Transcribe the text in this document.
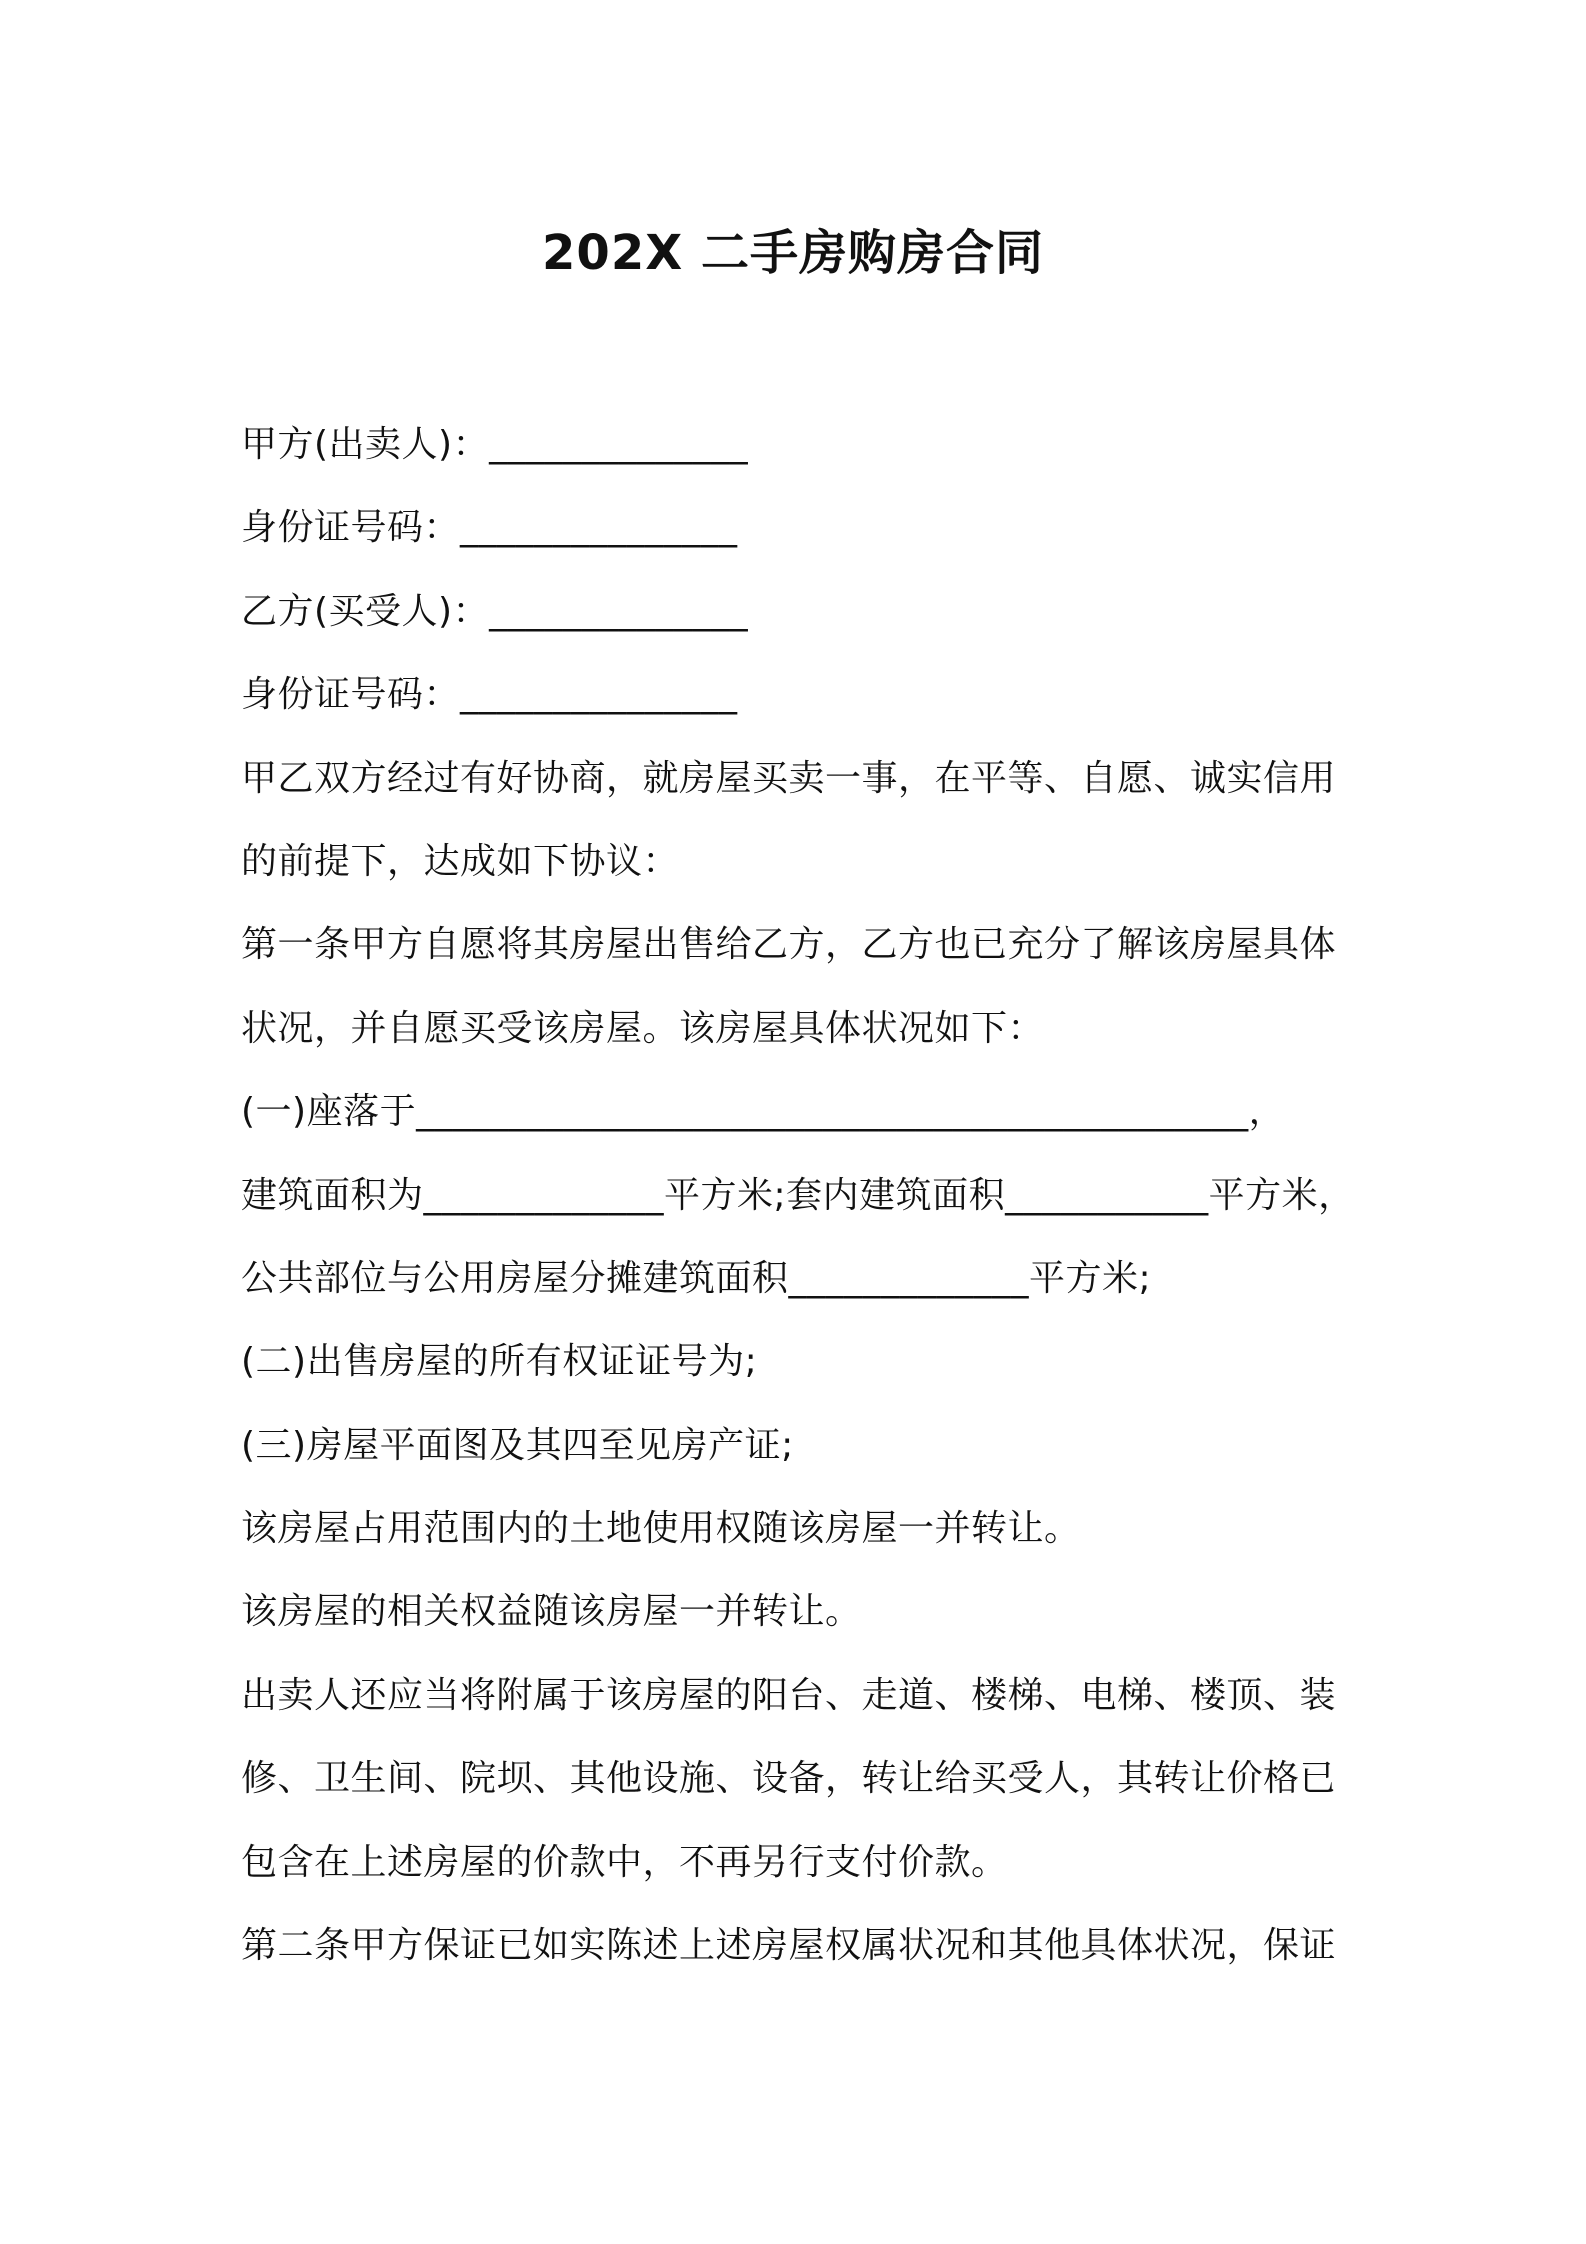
202X 二手房购房合同
甲方(出卖人)：______________
身份证号码：_______________
乙方(买受人)：______________
身份证号码：_______________
甲乙双方经过有好协商，就房屋买卖一事，在平等、自愿、诚实信用
的前提下，达成如下协议：
第一条甲方自愿将其房屋出售给乙方，乙方也已充分了解该房屋具体
状况，并自愿买受该房屋。该房屋具体状况如下：
(一)座落于_____________________________________________，
建筑面积为_____________平方米;套内建筑面积___________平方米，
公共部位与公用房屋分摊建筑面积_____________平方米;
(二)出售房屋的所有权证证号为;
(三)房屋平面图及其四至见房产证;
该房屋占用范围内的土地使用权随该房屋一并转让。
该房屋的相关权益随该房屋一并转让。
出卖人还应当将附属于该房屋的阳台、走道、楼梯、电梯、楼顶、装
修、卫生间、院坝、其他设施、设备，转让给买受人，其转让价格已
包含在上述房屋的价款中，不再另行支付价款。
第二条甲方保证已如实陈述上述房屋权属状况和其他具体状况，保证
